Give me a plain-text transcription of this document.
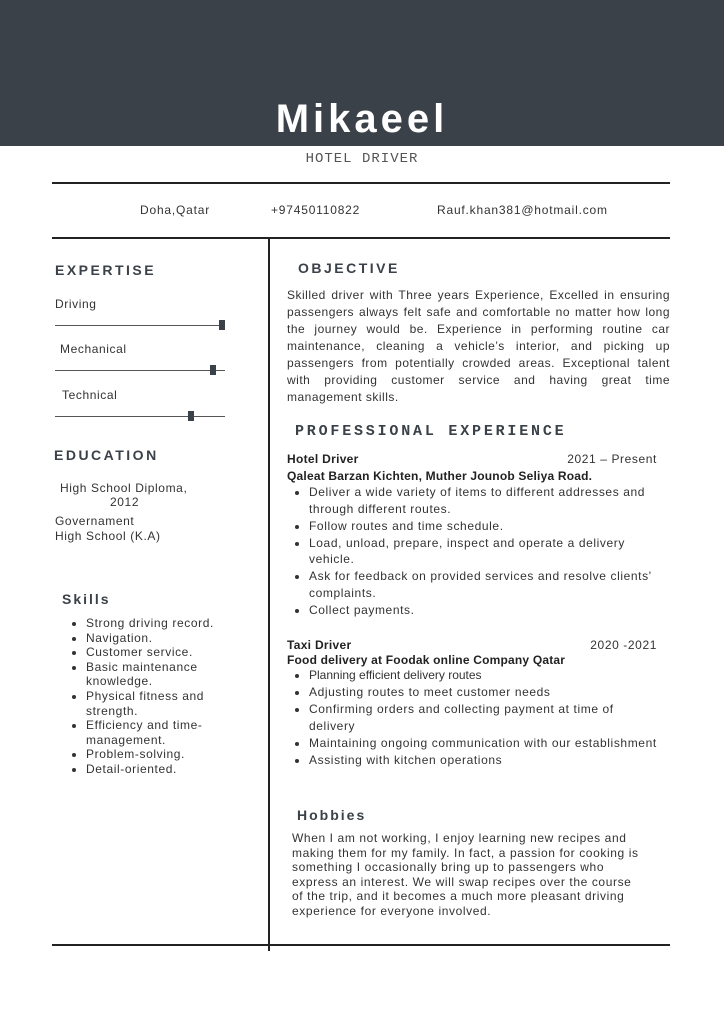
Mikaeel
HOTEL DRIVER
Doha,Qatar	+97450110822	Rauf.khan381@hotmail.com
EXPERTISE
Driving
Mechanical
Technical
EDUCATION
High School Diploma,
2012
Governament
High School (K.A)
Skills
• Strong driving record.
• Navigation.
• Customer service.
• Basic maintenance knowledge.
• Physical fitness and strength.
• Efficiency and time-management.
• Problem-solving.
• Detail-oriented.
OBJECTIVE
Skilled driver with Three years Experience, Excelled in ensuring passengers always felt safe and comfortable no matter how long the journey would be. Experience in performing routine car maintenance, cleaning a vehicle’s interior, and picking up passengers from potentially crowded areas. Exceptional talent with providing customer service and having great time management skills.
PROFESSIONAL EXPERIENCE
Hotel Driver	2021 – Present
Qaleat Barzan Kichten, Muther Jounob Seliya Road.
• Deliver a wide variety of items to different addresses and through different routes.
• Follow routes and time schedule.
• Load, unload, prepare, inspect and operate a delivery vehicle.
• Ask for feedback on provided services and resolve clients' complaints.
• Collect payments.
Taxi Driver	2020 -2021
Food delivery at Foodak online Company Qatar
• Planning efficient delivery routes
• Adjusting routes to meet customer needs
• Confirming orders and collecting payment at time of delivery
• Maintaining ongoing communication with our establishment
• Assisting with kitchen operations
Hobbies
When I am not working, I enjoy learning new recipes and making them for my family. In fact, a passion for cooking is something I occasionally bring up to passengers who express an interest. We will swap recipes over the course of the trip, and it becomes a much more pleasant driving experience for everyone involved.
